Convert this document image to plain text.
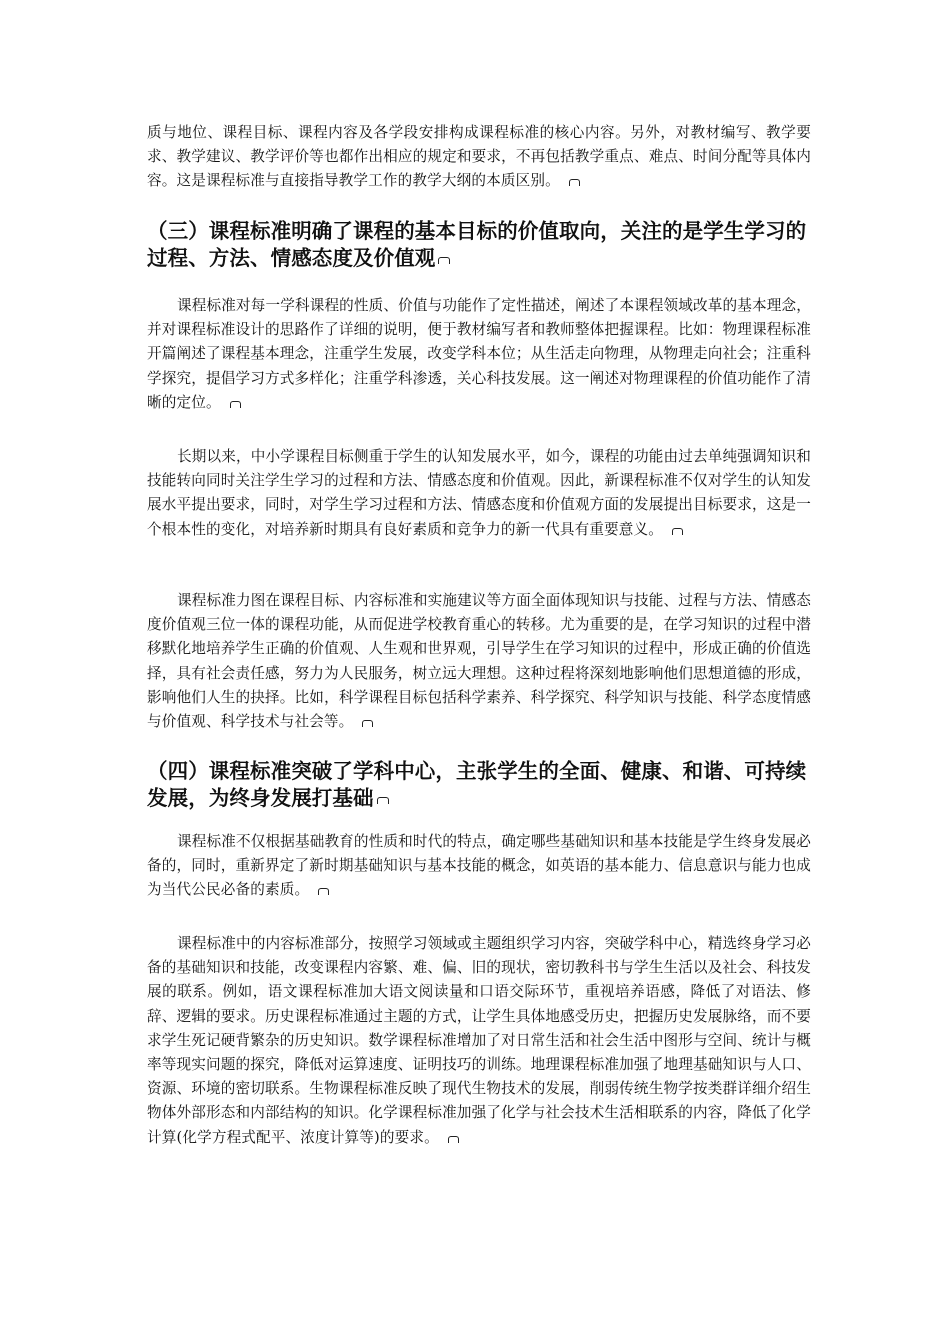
质与地位、课程目标、课程内容及各学段安排构成课程标准的核心内容。另外，对教材编写、教学要求、教学建议、教学评价等也都作出相应的规定和要求，不再包括教学重点、难点、时间分配等具体内容。这是课程标准与直接指导教学工作的教学大纲的本质区别。

（三）课程标准明确了课程的基本目标的价值取向，关注的是学生学习的过程、方法、情感态度及价值观

课程标准对每一学科课程的性质、价值与功能作了定性描述，阐述了本课程领域改革的基本理念，并对课程标准设计的思路作了详细的说明，便于教材编写者和教师整体把握课程。比如：物理课程标准开篇阐述了课程基本理念，注重学生发展，改变学科本位；从生活走向物理，从物理走向社会；注重科学探究，提倡学习方式多样化；注重学科渗透，关心科技发展。这一阐述对物理课程的价值功能作了清晰的定位。

长期以来，中小学课程目标侧重于学生的认知发展水平，如今，课程的功能由过去单纯强调知识和技能转向同时关注学生学习的过程和方法、情感态度和价值观。因此，新课程标准不仅对学生的认知发展水平提出要求，同时，对学生学习过程和方法、情感态度和价值观方面的发展提出目标要求，这是一个根本性的变化，对培养新时期具有良好素质和竞争力的新一代具有重要意义。

课程标准力图在课程目标、内容标准和实施建议等方面全面体现知识与技能、过程与方法、情感态度价值观三位一体的课程功能，从而促进学校教育重心的转移。尤为重要的是，在学习知识的过程中潜移默化地培养学生正确的价值观、人生观和世界观，引导学生在学习知识的过程中，形成正确的价值选择，具有社会责任感，努力为人民服务，树立远大理想。这种过程将深刻地影响他们思想道德的形成，影响他们人生的抉择。比如，科学课程目标包括科学素养、科学探究、科学知识与技能、科学态度情感与价值观、科学技术与社会等。

（四）课程标准突破了学科中心，主张学生的全面、健康、和谐、可持续发展，为终身发展打基础

课程标准不仅根据基础教育的性质和时代的特点，确定哪些基础知识和基本技能是学生终身发展必备的，同时，重新界定了新时期基础知识与基本技能的概念，如英语的基本能力、信息意识与能力也成为当代公民必备的素质。

课程标准中的内容标准部分，按照学习领域或主题组织学习内容，突破学科中心，精选终身学习必备的基础知识和技能，改变课程内容繁、难、偏、旧的现状，密切教科书与学生生活以及社会、科技发展的联系。例如，语文课程标准加大语文阅读量和口语交际环节，重视培养语感，降低了对语法、修辞、逻辑的要求。历史课程标准通过主题的方式，让学生具体地感受历史，把握历史发展脉络，而不要求学生死记硬背繁杂的历史知识。数学课程标准增加了对日常生活和社会生活中图形与空间、统计与概率等现实问题的探究，降低对运算速度、证明技巧的训练。地理课程标准加强了地理基础知识与人口、资源、环境的密切联系。生物课程标准反映了现代生物技术的发展，削弱传统生物学按类群详细介绍生物体外部形态和内部结构的知识。化学课程标准加强了化学与社会技术生活相联系的内容，降低了化学计算(化学方程式配平、浓度计算等)的要求。
